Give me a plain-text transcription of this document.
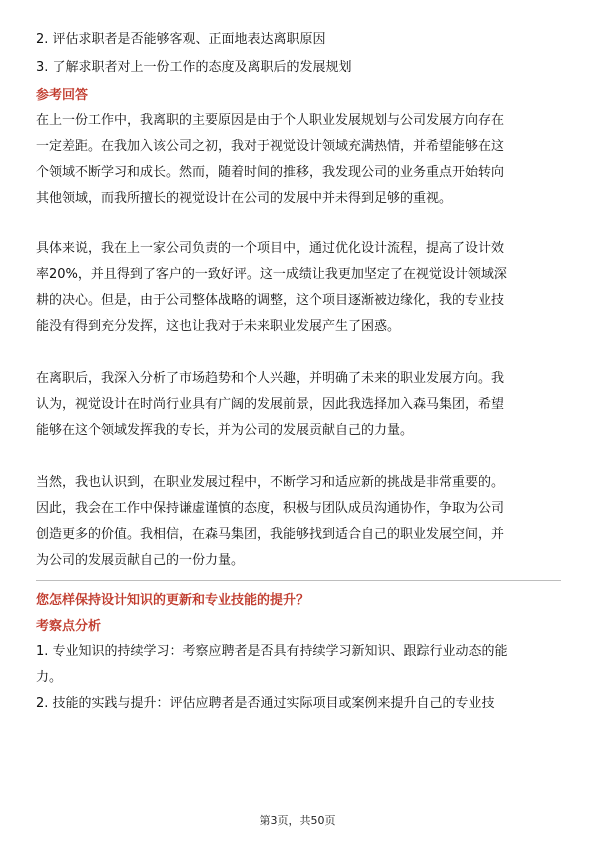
2. 评估求职者是否能够客观、正面地表达离职原因
3. 了解求职者对上一份工作的态度及离职后的发展规划
参考回答
在上一份工作中，我离职的主要原因是由于个人职业发展规划与公司发展方向存在
一定差距。在我加入该公司之初，我对于视觉设计领域充满热情，并希望能够在这
个领域不断学习和成长。然而，随着时间的推移，我发现公司的业务重点开始转向
其他领域，而我所擅长的视觉设计在公司的发展中并未得到足够的重视。
具体来说，我在上一家公司负责的一个项目中，通过优化设计流程，提高了设计效
率20%，并且得到了客户的一致好评。这一成绩让我更加坚定了在视觉设计领域深
耕的决心。但是，由于公司整体战略的调整，这个项目逐渐被边缘化，我的专业技
能没有得到充分发挥，这也让我对于未来职业发展产生了困惑。
在离职后，我深入分析了市场趋势和个人兴趣，并明确了未来的职业发展方向。我
认为，视觉设计在时尚行业具有广阔的发展前景，因此我选择加入森马集团，希望
能够在这个领域发挥我的专长，并为公司的发展贡献自己的力量。
当然，我也认识到，在职业发展过程中，不断学习和适应新的挑战是非常重要的。
因此，我会在工作中保持谦虚谨慎的态度，积极与团队成员沟通协作，争取为公司
创造更多的价值。我相信，在森马集团，我能够找到适合自己的职业发展空间，并
为公司的发展贡献自己的一份力量。
您怎样保持设计知识的更新和专业技能的提升？
考察点分析
1. 专业知识的持续学习：考察应聘者是否具有持续学习新知识、跟踪行业动态的能
力。
2. 技能的实践与提升：评估应聘者是否通过实际项目或案例来提升自己的专业技
第3页，共50页
